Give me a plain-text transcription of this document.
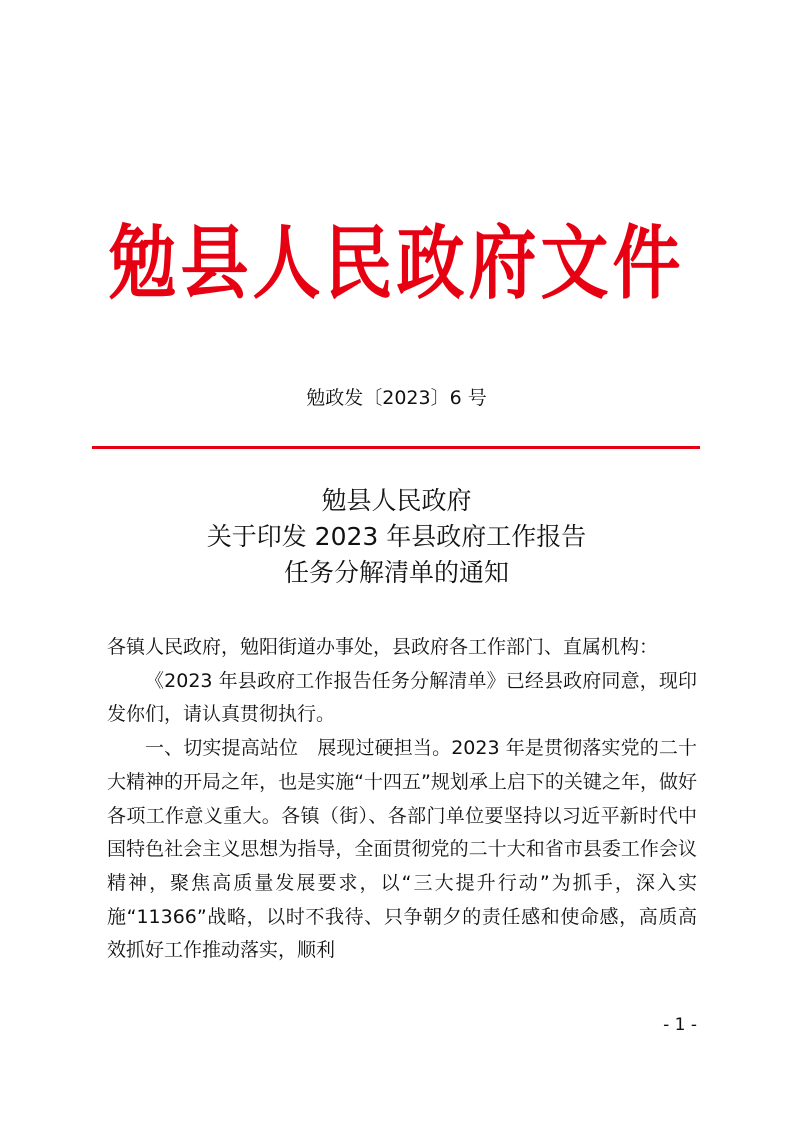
勉县人民政府文件
勉政发〔2023〕6 号
勉县人民政府
关于印发 2023 年县政府工作报告
任务分解清单的通知

各镇人民政府，勉阳街道办事处，县政府各工作部门、直属机构：

《2023 年县政府工作报告任务分解清单》已经县政府同意，现印发你们，请认真贯彻执行。

一、切实提高站位　展现过硬担当。2023 年是贯彻落实党的二十大精神的开局之年，也是实施“十四五”规划承上启下的关键之年，做好各项工作意义重大。各镇（街）、各部门单位要坚持以习近平新时代中国特色社会主义思想为指导，全面贯彻党的二十大和省市县委工作会议精神，聚焦高质量发展要求，以“三大提升行动”为抓手，深入实施“11366”战略，以时不我待、只争朝夕的责任感和使命感，高质高效抓好工作推动落实，顺利

- 1 -
